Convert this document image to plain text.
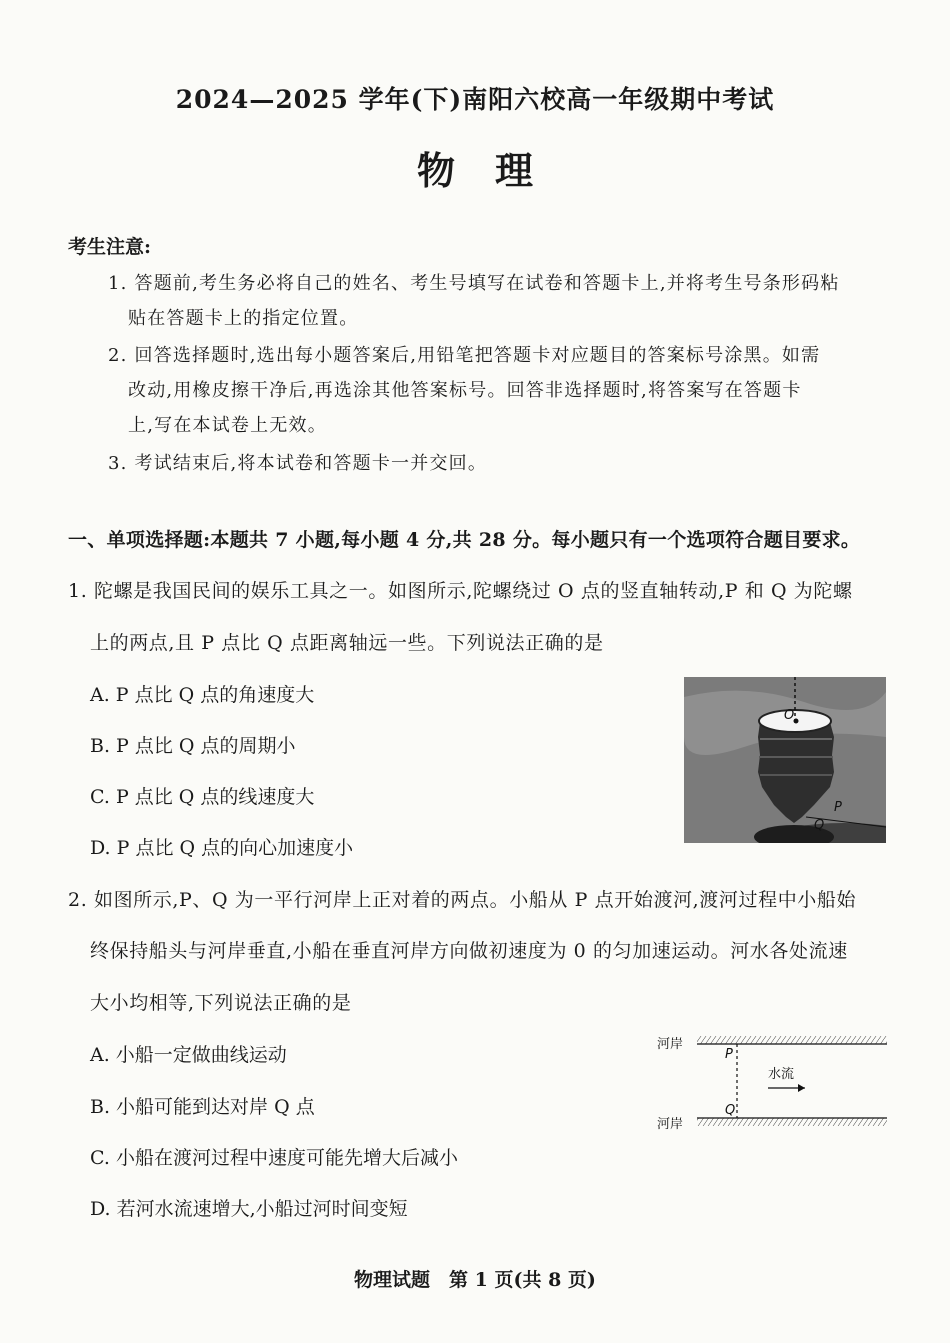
2024—2025 学年(下)南阳六校高一年级期中考试
物理
考生注意:
1. 答题前,考生务必将自己的姓名、考生号填写在试卷和答题卡上,并将考生号条形码粘
贴在答题卡上的指定位置。
2. 回答选择题时,选出每小题答案后,用铅笔把答题卡对应题目的答案标号涂黑。如需
改动,用橡皮擦干净后,再选涂其他答案标号。回答非选择题时,将答案写在答题卡
上,写在本试卷上无效。
3. 考试结束后,将本试卷和答题卡一并交回。
一、单项选择题:本题共 7 小题,每小题 4 分,共 28 分。每小题只有一个选项符合题目要求。
1. 陀螺是我国民间的娱乐工具之一。如图所示,陀螺绕过 O 点的竖直轴转动,P 和 Q 为陀螺
上的两点,且 P 点比 Q 点距离轴远一些。下列说法正确的是
A. P 点比 Q 点的角速度大
B. P 点比 Q 点的周期小
C. P 点比 Q 点的线速度大
D. P 点比 Q 点的向心加速度小
O
P
Q
2. 如图所示,P、Q 为一平行河岸上正对着的两点。小船从 P 点开始渡河,渡河过程中小船始
终保持船头与河岸垂直,小船在垂直河岸方向做初速度为 0 的匀加速运动。河水各处流速
大小均相等,下列说法正确的是
A. 小船一定做曲线运动
B. 小船可能到达对岸 Q 点
C. 小船在渡河过程中速度可能先增大后减小
D. 若河水流速增大,小船过河时间变短
河岸
河岸
P
Q
水流
物理试题　第 1 页(共 8 页)
